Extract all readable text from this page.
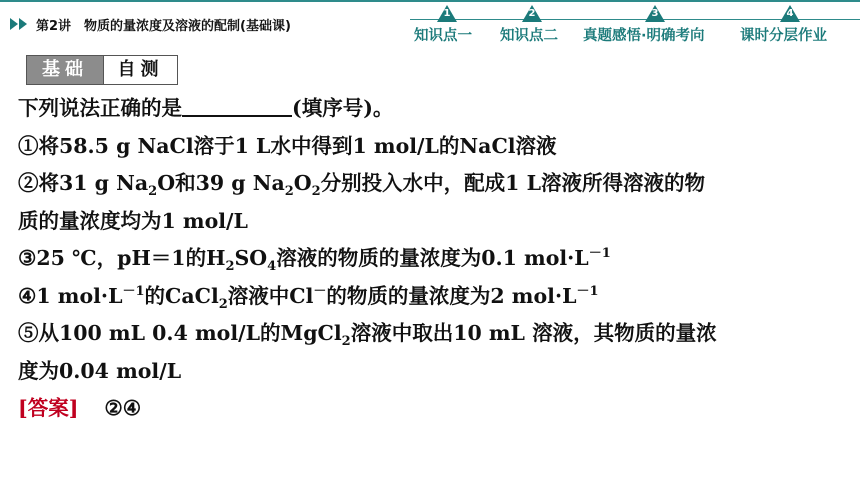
第2讲　物质的量浓度及溶液的配制(基础课)
1
知识点一
2
知识点二
3
真题感悟·明确考向
4
课时分层作业
基础	自测
下列说法正确的是	(填序号)。
①将58.5 g NaCl溶于1 L水中得到1 mol/L的NaCl溶液
②将31 g $Na_2O$和39 g $Na_2O_2$分别投入水中，配成1 L溶液所得溶液的物
质的量浓度均为1 mol/L
③25 ℃，pH＝1的$H_2SO_4$溶液的物质的量浓度为0.1 $mol\cdot L^{-1}$
④1 $mol\cdot L^{-1}$的CaCl$_2$溶液中Cl－的物质的量浓度为2 $mol\cdot L^{-1}$
⑤从100 mL 0.4 mol/L的MgCl$_2$溶液中取出10 mL 溶液，其物质的量浓
度为0.04 mol/L
[答案] ②④
